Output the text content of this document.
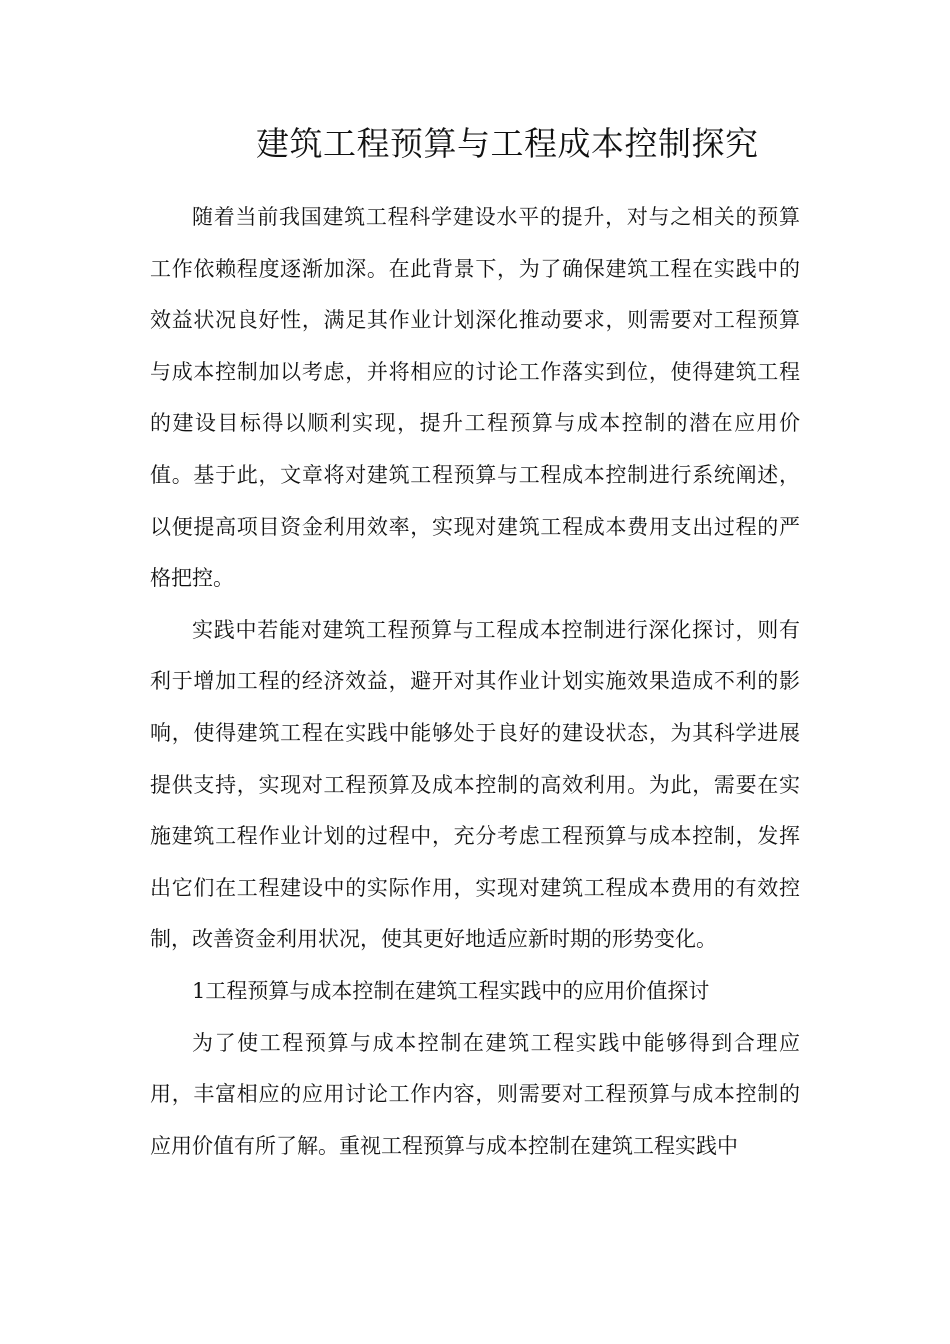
建筑工程预算与工程成本控制探究

随着当前我国建筑工程科学建设水平的提升，对与之相关的预算工作依赖程度逐渐加深。在此背景下，为了确保建筑工程在实践中的效益状况良好性，满足其作业计划深化推动要求，则需要对工程预算与成本控制加以考虑，并将相应的讨论工作落实到位，使得建筑工程的建设目标得以顺利实现，提升工程预算与成本控制的潜在应用价值。基于此，文章将对建筑工程预算与工程成本控制进行系统阐述，以便提高项目资金利用效率，实现对建筑工程成本费用支出过程的严格把控。

实践中若能对建筑工程预算与工程成本控制进行深化探讨，则有利于增加工程的经济效益，避开对其作业计划实施效果造成不利的影响，使得建筑工程在实践中能够处于良好的建设状态，为其科学进展提供支持，实现对工程预算及成本控制的高效利用。为此，需要在实施建筑工程作业计划的过程中，充分考虑工程预算与成本控制，发挥出它们在工程建设中的实际作用，实现对建筑工程成本费用的有效控制，改善资金利用状况，使其更好地适应新时期的形势变化。

1工程预算与成本控制在建筑工程实践中的应用价值探讨

为了使工程预算与成本控制在建筑工程实践中能够得到合理应用，丰富相应的应用讨论工作内容，则需要对工程预算与成本控制的应用价值有所了解。重视工程预算与成本控制在建筑工程实践中
